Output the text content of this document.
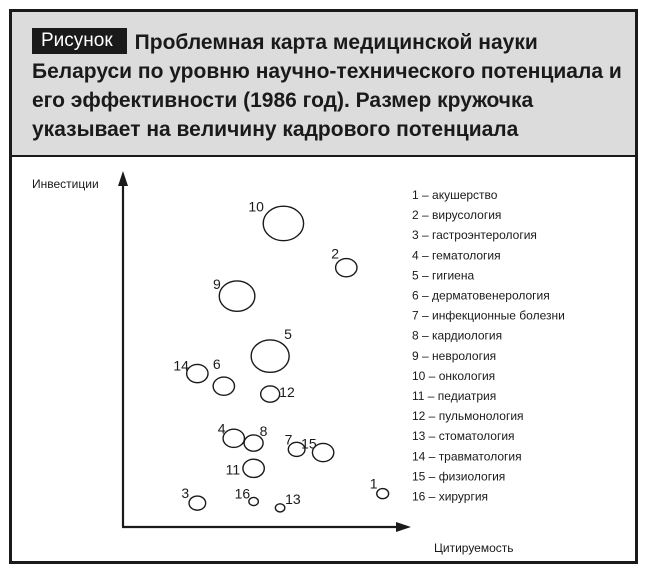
Рисунок Проблемная карта медицинской науки Беларуси по уровню научно-технического потенциала и его эффективности (1986 год). Размер кружочка указывает на величину кадрового потенциала
Инвестиции
Цитируемость
1
2
3
4
5
6
7
8
9
10
11
12
13
14
15
16
1 – акушерство
2 – вирусология
3 – гастроэнтерология
4 – гематология
5 – гигиена
6 – дерматовенерология
7 – инфекционные болезни
8 – кардиология
9 – неврология
10 – онкология
11 – педиатрия
12 – пульмонология
13 – стоматология
14 – травматология
15 – физиология
16 – хирургия
